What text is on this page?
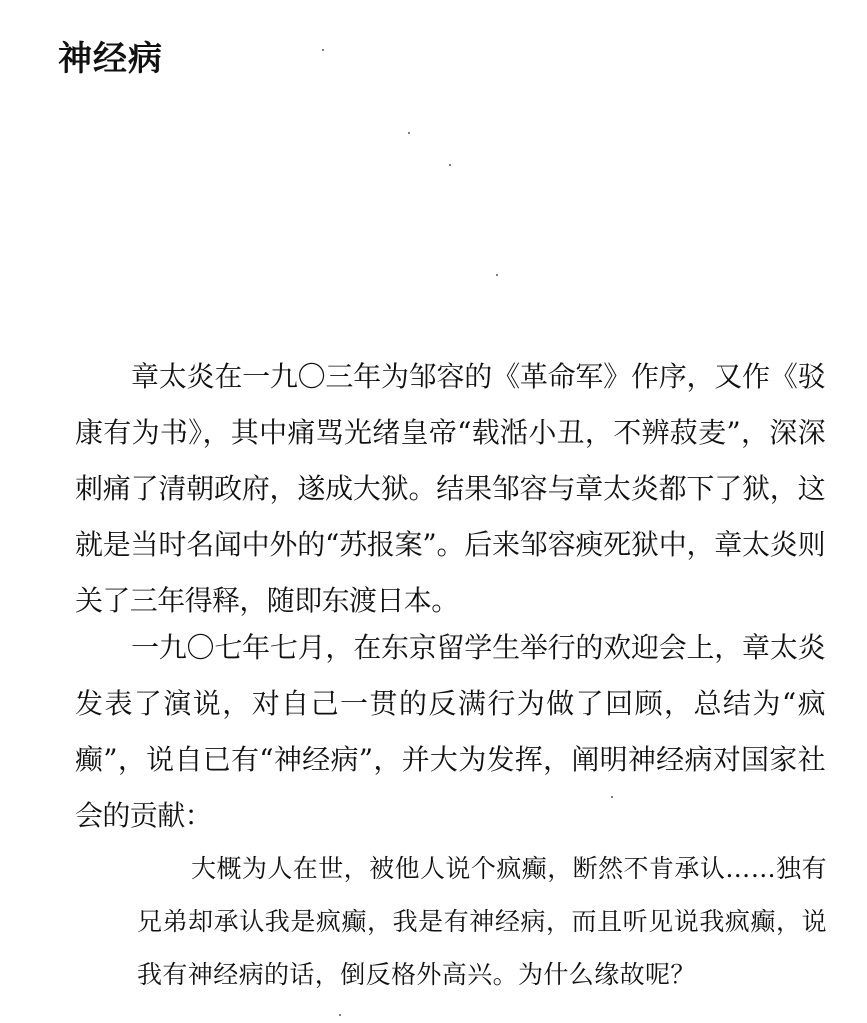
神经病

章太炎在一九〇三年为邹容的《革命军》作序，又作《驳康有为书》，其中痛骂光绪皇帝“载湉小丑，不辨菽麦”，深深刺痛了清朝政府，遂成大狱。结果邹容与章太炎都下了狱，这就是当时名闻中外的“苏报案”。后来邹容瘐死狱中，章太炎则关了三年得释，随即东渡日本。

一九〇七年七月，在东京留学生举行的欢迎会上，章太炎发表了演说，对自己一贯的反满行为做了回顾，总结为“疯癫”，说自已有“神经病”，并大为发挥，阐明神经病对国家社会的贡献：

大概为人在世，被他人说个疯癫，断然不肯承认……独有兄弟却承认我是疯癫，我是有神经病，而且听见说我疯癫，说我有神经病的话，倒反格外高兴。为什么缘故呢？
